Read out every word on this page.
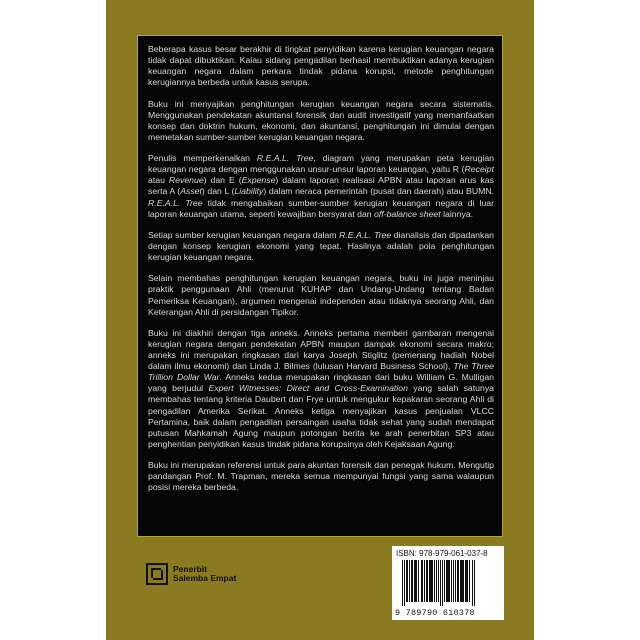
Beberapa kasus besar berakhir di tingkat penyidikan karena kerugian keuangan negara tidak dapat dibuktikan. Kalau sidang pengadilan berhasil membuktikan adanya kerugian keuangan negara dalam perkara tindak pidana korupsi, metode penghitungan kerugiannya berbeda untuk kasus serupa.

Buku ini menyajikan penghitungan kerugian keuangan negara secara sistematis. Menggunakan pendekatan akuntansi forensik dan audit investigatif yang memanfaatkan konsep dan doktrin hukum, ekonomi, dan akuntansi, penghitungan ini dimulai dengan memetakan sumber-sumber kerugian keuangan negara.

Penulis memperkenalkan R.E.A.L. Tree, diagram yang merupakan peta kerugian keuangan negara dengan menggunakan unsur-unsur laporan keuangan, yaitu R (Receipt atau Revenue) dan E (Expense) dalam laporan realisasi APBN atau laporan arus kas serta A (Asset) dan L (Liability) dalam neraca pemerintah (pusat dan daerah) atau BUMN. R.E.A.L. Tree tidak mengabaikan sumber-sumber kerugian keuangan negara di luar laporan keuangan utama, seperti kewajiban bersyarat dan off-balance sheet lainnya.

Setiap sumber kerugian keuangan negara dalam R.E.A.L. Tree dianalisis dan dipadankan dengan konsep kerugian ekonomi yang tepat. Hasilnya adalah pola penghitungan kerugian keuangan negara.

Selain membahas penghitungan kerugian keuangan negara, buku ini juga meninjau praktik penggunaan Ahli (menurut KUHAP dan Undang-Undang tentang Badan Pemeriksa Keuangan), argumen mengenai independen atau tidaknya seorang Ahli, dan Keterangan Ahli di persidangan Tipikor.

Buku ini diakhiri dengan tiga anneks. Anneks pertama memberi gambaran mengenai kerugian negara dengan pendekatan APBN maupun dampak ekonomi secara makro; anneks ini merupakan ringkasan dari karya Joseph Stiglitz (pemenang hadiah Nobel dalam ilmu ekonomi) dan Linda J. Bilmes (lulusan Harvard Business School), The Three Trillion Dollar War. Anneks kedua merupakan ringkasan dari buku William G. Mulligan yang berjudul Expert Witnesses: Direct and Cross-Examination yang salah satunya membahas tentang kriteria Daubert dan Frye untuk mengukur kepakaran seorang Ahli di pengadilan Amerika Serikat. Anneks ketiga menyajikan kasus penjualan VLCC Pertamina, baik dalam pengadilan persaingan usaha tidak sehat yang sudah mendapat putusan Mahkamah Agung maupun potongan berita ke arah penerbitan SP3 atau penghentian penyidikan kasus tindak pidana korupsinya oleh Kejaksaan Agung.

Buku ini merupakan referensi untuk para akuntan forensik dan penegak hukum. Mengutip pandangan Prof. M. Trapman, mereka semua mempunyai fungsi yang sama walaupun posisi mereka berbeda.

Penerbit
Salemba Empat
ISBN: 978-979-061-037-8
9 789790 610378
